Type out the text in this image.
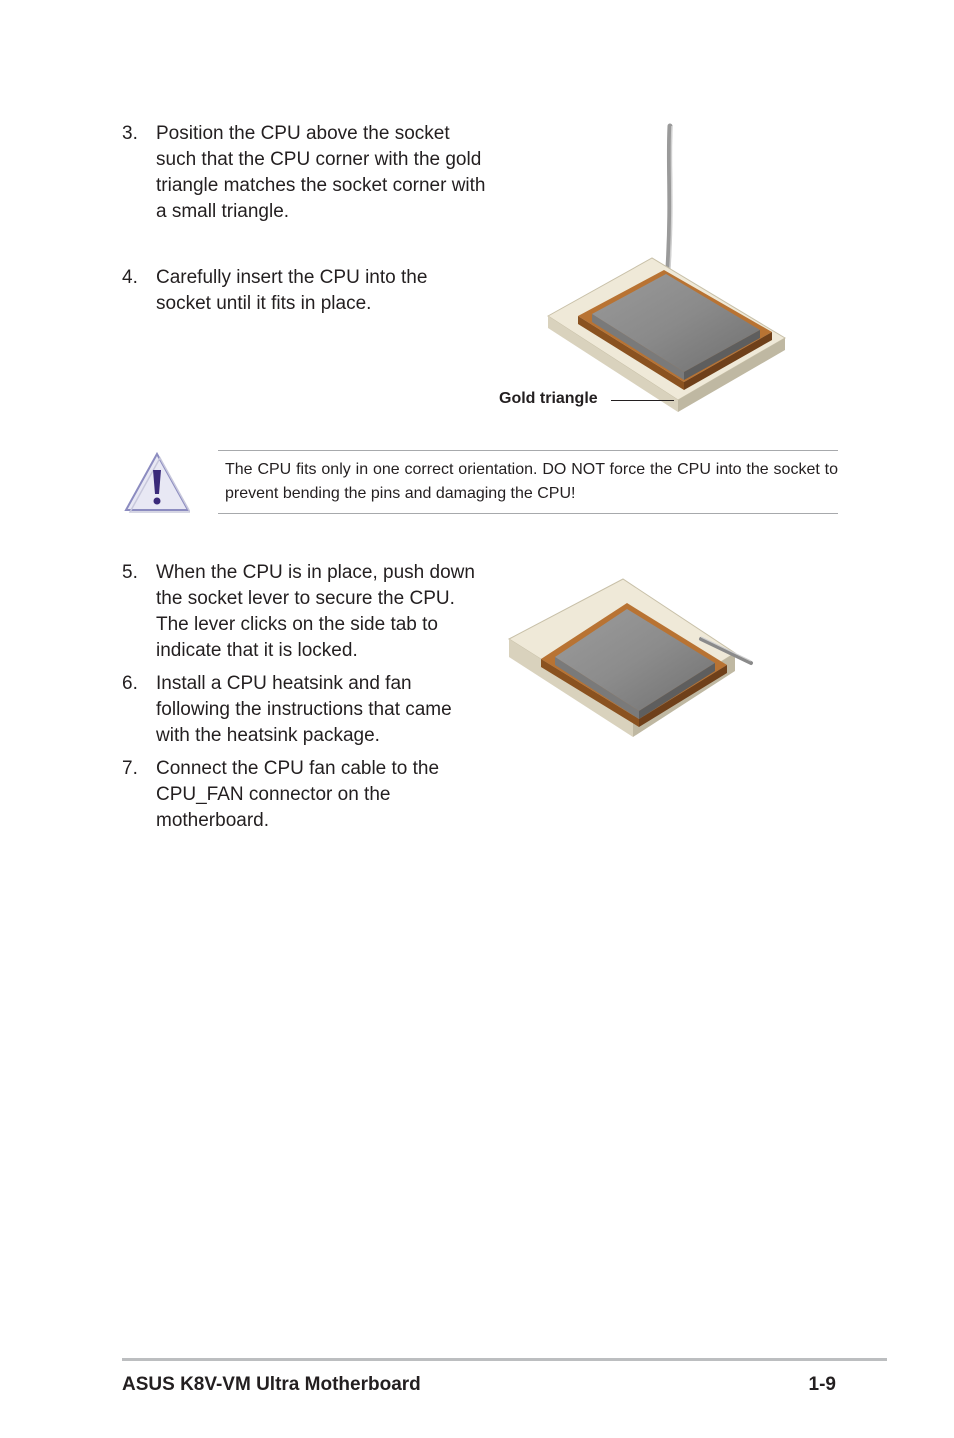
3. Position the CPU above the socket such that the CPU corner with the gold triangle matches the socket corner with a small triangle.
4. Carefully insert the CPU into the socket until it fits in place.
Gold triangle
The CPU fits only in one correct orientation. DO NOT force the CPU into the socket to prevent bending the pins and damaging the CPU!
5. When the CPU is in place, push down the socket lever to secure the CPU. The lever clicks on the side tab to indicate that it is locked.
6. Install a CPU heatsink and fan following the instructions that came with the heatsink package.
7. Connect the CPU fan cable to the CPU_FAN connector on the motherboard.
ASUS K8V-VM Ultra Motherboard	1-9
